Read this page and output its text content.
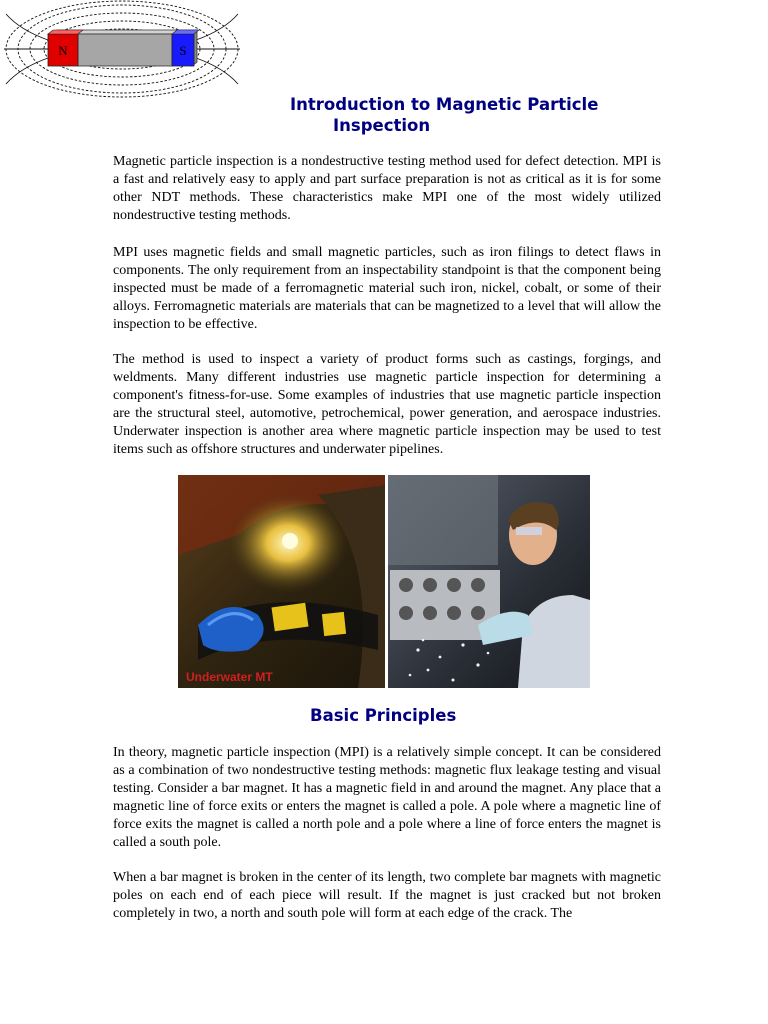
N	S
Introduction to Magnetic Particle
Inspection

Magnetic particle inspection is a nondestructive testing method used for defect detection. MPI is a fast and relatively easy to apply and part surface preparation is not as critical as it is for some other NDT methods. These characteristics make MPI one of the most widely utilized nondestructive testing methods.

MPI uses magnetic fields and small magnetic particles, such as iron filings to detect flaws in components. The only requirement from an inspectability standpoint is that the component being inspected must be made of a ferromagnetic material such iron, nickel, cobalt, or some of their alloys. Ferromagnetic materials are materials that can be magnetized to a level that will allow the inspection to be effective.

The method is used to inspect a variety of product forms such as castings, forgings, and weldments. Many different industries use magnetic particle inspection for determining a component's fitness-for-use. Some examples of industries that use magnetic particle inspection are the structural steel, automotive, petrochemical, power generation, and aerospace industries. Underwater inspection is another area where magnetic particle inspection may be used to test items such as offshore structures and underwater pipelines.

Underwater MT
Basic Principles

In theory, magnetic particle inspection (MPI) is a relatively simple concept. It can be considered as a combination of two nondestructive testing methods: magnetic flux leakage testing and visual testing. Consider a bar magnet. It has a magnetic field in and around the magnet. Any place that a magnetic line of force exits or enters the magnet is called a pole. A pole where a magnetic line of force exits the magnet is called a north pole and a pole where a line of force enters the magnet is called a south pole.

When a bar magnet is broken in the center of its length, two complete bar magnets with magnetic poles on each end of each piece will result. If the magnet is just cracked but not broken completely in two, a north and south pole will form at each edge of the crack. The
